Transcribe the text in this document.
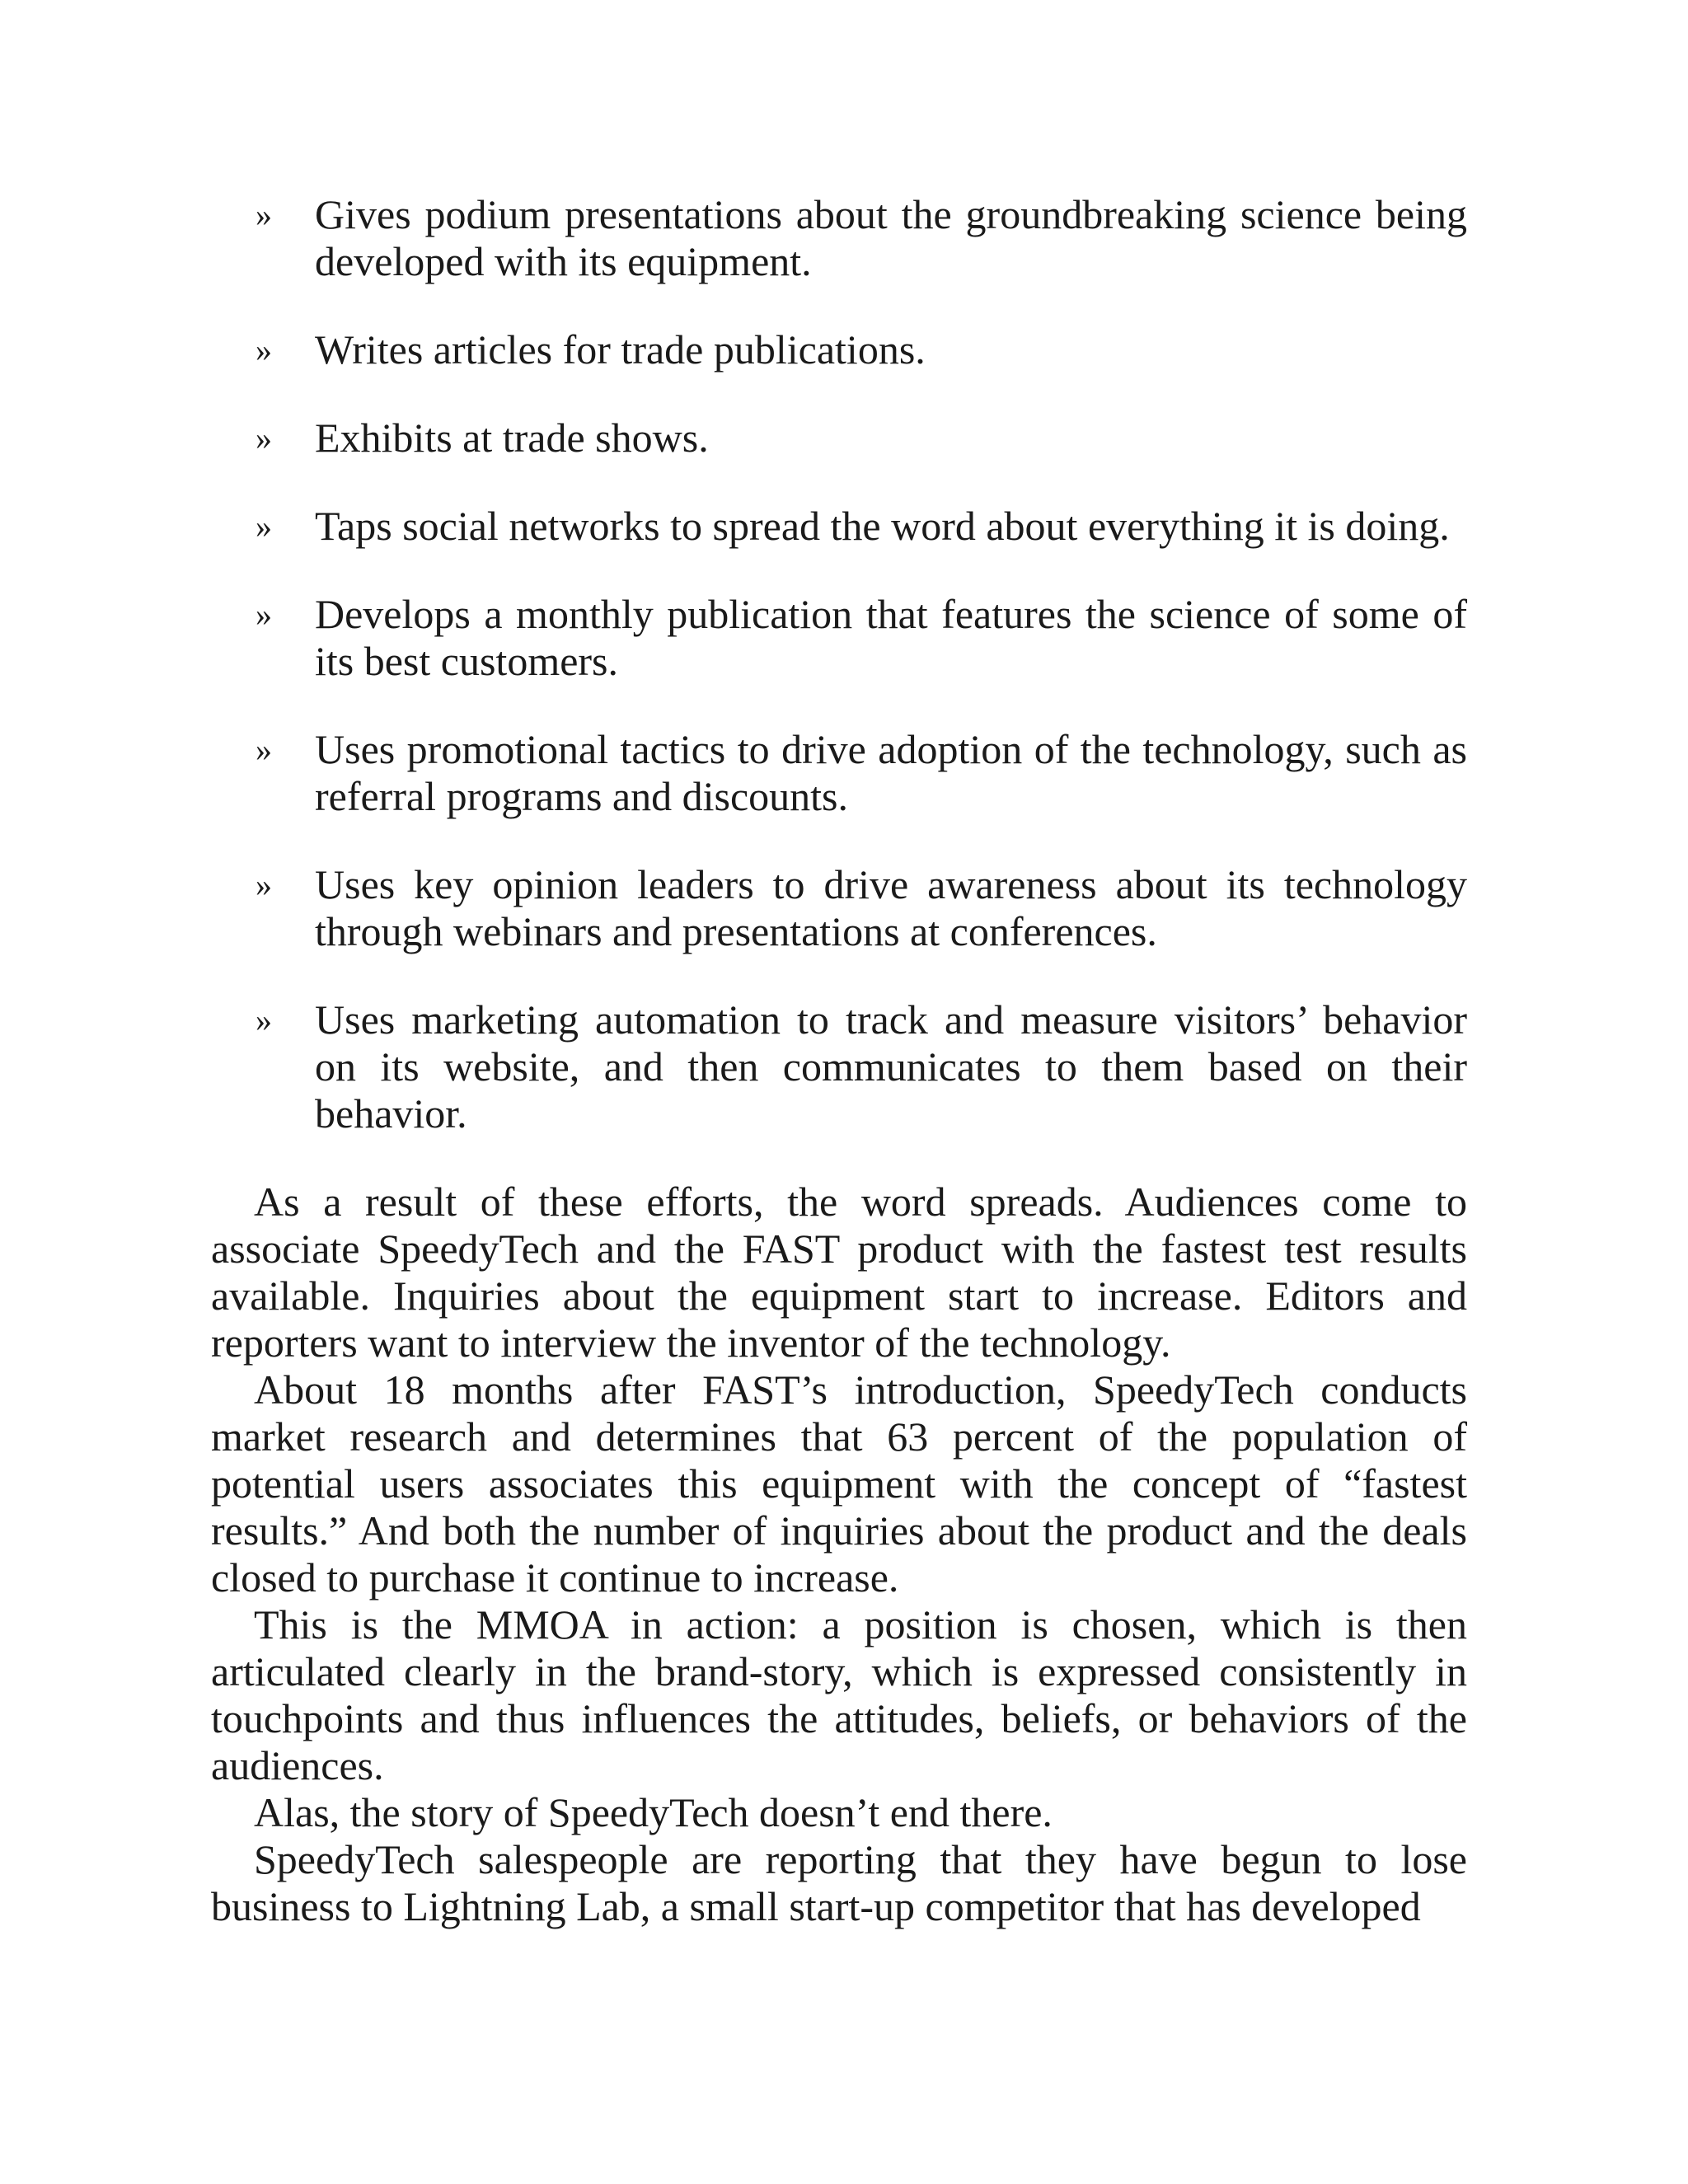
» Gives podium presentations about the groundbreaking science being developed with its equipment.
» Writes articles for trade publications.
» Exhibits at trade shows.
» Taps social networks to spread the word about everything it is doing.
» Develops a monthly publication that features the science of some of its best customers.
» Uses promotional tactics to drive adoption of the technology, such as referral programs and discounts.
» Uses key opinion leaders to drive awareness about its technology through webinars and presentations at conferences.
» Uses marketing automation to track and measure visitors’ behavior on its website, and then communicates to them based on their behavior.

As a result of these efforts, the word spreads. Audiences come to associate SpeedyTech and the FAST product with the fastest test results available. Inquiries about the equipment start to increase. Editors and reporters want to interview the inventor of the technology.

About 18 months after FAST’s introduction, SpeedyTech conducts market research and determines that 63 percent of the population of potential users associates this equipment with the concept of “fastest results.” And both the number of inquiries about the product and the deals closed to purchase it continue to increase.

This is the MMOA in action: a position is chosen, which is then articulated clearly in the brand-story, which is expressed consistently in touchpoints and thus influences the attitudes, beliefs, or behaviors of the audiences.

Alas, the story of SpeedyTech doesn’t end there.

SpeedyTech salespeople are reporting that they have begun to lose business to Lightning Lab, a small start-up competitor that has developed
